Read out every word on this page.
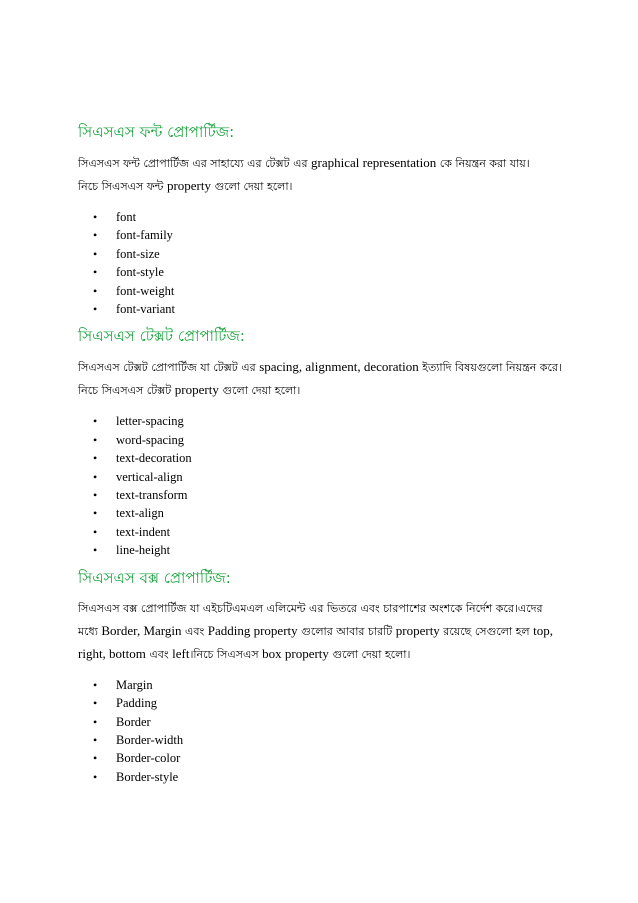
সিএসএস ফন্ট প্রোপার্টিজ:

সিএসএস ফন্ট প্রোপার্টিজ এর সাহায্যে এর টেক্সট এর graphical representation কে নিয়ন্ত্রন করা যায়।

নিচে সিএসএস ফন্ট property গুলো দেয়া হলো।

• font
• font-family
• font-size
• font-style
• font-weight
• font-variant
সিএসএস টেক্সট প্রোপার্টিজ:

সিএসএস টেক্সট প্রোপার্টিজ যা টেক্সট এর spacing, alignment, decoration ইত্যাদি বিষয়গুলো নিয়ন্ত্রন করে। নিচে সিএসএস টেক্সট property গুলো দেয়া হলো।

• letter-spacing
• word-spacing
• text-decoration
• vertical-align
• text-transform
• text-align
• text-indent
• line-height
সিএসএস বক্স প্রোপার্টিজ:

সিএসএস বক্স প্রোপার্টিজ যা এইচটিএমএল এলিমেন্ট এর ভিতরে এবং চারপাশের অংশকে নির্দেশ করে।এদের মধ্যে Border, Margin এবং Padding property গুলোর আবার চারটি property রয়েছে সেগুলো হল top, right, bottom এবং left।নিচে সিএসএস box property গুলো দেয়া হলো।

• Margin
• Padding
• Border
• Border-width
• Border-color
• Border-style
